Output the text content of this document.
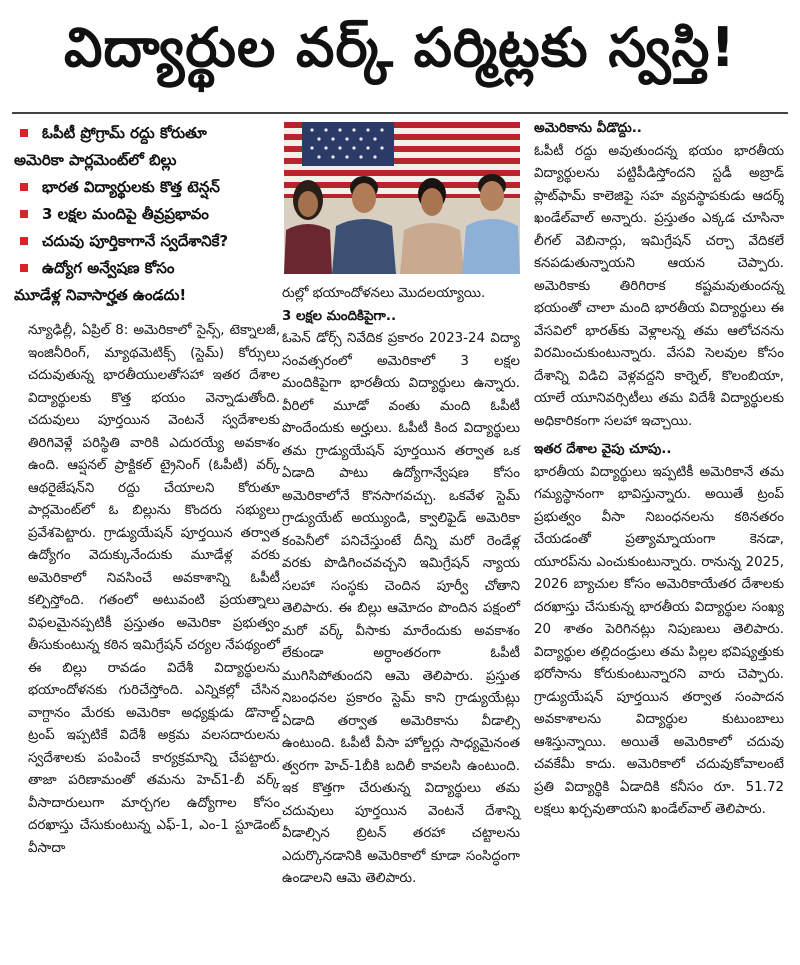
విద్యార్థుల వర్క్ పర్మిట్లకు స్వస్తి!
ఓపీటీ ప్రోగ్రామ్ రద్దు కోరుతూ
అమెరికా పార్లమెంట్‌లో బిల్లు
భారత విద్యార్థులకు కొత్త టెన్షన్
3 లక్షల మందిపై తీవ్రప్రభావం
చదువు పూర్తికాగానే స్వదేశానికే?
ఉద్యోగ అన్వేషణ కోసం
మూడేళ్ల నివాసార్హత ఉండదు!

న్యూఢిల్లీ, ఏప్రిల్ 8: అమెరికాలో సైన్స్, టెక్నాలజీ, ఇంజినీరింగ్, మ్యాథమెటిక్స్ (స్టెమ్) కోర్సులు చదువుతున్న భారతీయులతోసహా ఇతర దేశాల విద్యార్థులకు కొత్త భయం వెన్నాడుతోంది. చదువులు పూర్తయిన వెంటనే స్వదేశాలకు తిరిగివెళ్లే పరిస్థితి వారికి ఎదురయ్యే అవకాశం ఉంది. ఆప్షనల్ ప్రాక్టికల్ ట్రైనింగ్ (ఓపీటీ) వర్క్ ఆథరైజేషన్‌ని రద్దు చేయాలని కోరుతూ పార్లమెంట్‌లో ఓ బిల్లును కొందరు సభ్యులు ప్రవేశపెట్టారు. గ్రాడ్యుయేషన్ పూర్తయిన తర్వాత ఉద్యోగం వెదుక్కునేందుకు మూడేళ్ల వరకు అమెరికాలో నివసించే అవకాశాన్ని ఓపీటీ కల్పిస్తోంది. గతంలో అటువంటి ప్రయత్నాలు విఫలమైనప్పటికీ ప్రస్తుతం అమెరికా ప్రభుత్వం తీసుకుంటున్న కఠిన ఇమిగ్రేషన్ చర్యల నేపథ్యంలో ఈ బిల్లు రావడం విదేశీ విద్యార్థులను భయాందోళనకు గురిచేస్తోంది. ఎన్నికల్లో చేసిన వాగ్దానం మేరకు అమెరికా అధ్యక్షుడు డొనాల్డ్ ట్రంప్ ఇప్పటికే విదేశీ అక్రమ వలసదారులను స్వదేశాలకు పంపించే కార్యక్రమాన్ని చేపట్టారు. తాజా పరిణామంతో తమను హెచ్1-బీ వర్క్ వీసాదారులుగా మార్చగల ఉద్యోగాల కోసం దరఖాస్తు చేసుకుంటున్న ఎఫ్-1, ఎం-1 స్టూడెంట్ వీసాదా

రుల్లో భయాందోళనలు మొదలయ్యాయి.

3 లక్షల మందికిపైగా..

ఓపెన్ డోర్స్ నివేదిక ప్రకారం 2023-24 విద్యా సంవత్సరంలో అమెరికాలో 3 లక్షల మందికిపైగా భారతీయ విద్యార్థులు ఉన్నారు. వీరిలో మూడో వంతు మంది ఓపీటీ పొందేందుకు అర్హులు. ఓపీటీ కింద విద్యార్థులు తమ గ్రాడ్యుయేషన్ పూర్తయిన తర్వాత ఒక ఏడాది పాటు ఉద్యోగాన్వేషణ కోసం అమెరికాలోనే కొనసాగవచ్చు. ఒకవేళ స్టెమ్ గ్రాడ్యుయేట్ అయ్యుండి, క్వాలిఫైడ్ అమెరికా కంపెనీలో పనిచేస్తుంటే దీన్ని మరో రెండేళ్ల వరకు పొడిగించవచ్చని ఇమిగ్రేషన్ న్యాయ సలహా సంస్థకు చెందిన పూర్వీ చోతాని తెలిపారు. ఈ బిల్లు ఆమోదం పొందిన పక్షంలో మరో వర్క్ వీసాకు మారేందుకు అవకాశం లేకుండా అర్ధాంతరంగా ఓపీటీ ముగిసిపోతుందని ఆమె తెలిపారు. ప్రస్తుత నిబంధనల ప్రకారం స్టెమ్ కాని గ్రాడ్యుయేట్లు ఏడాది తర్వాత అమెరికాను వీడాల్సి ఉంటుంది. ఓపీటీ వీసా హోల్డర్లు సాధ్యమైనంత త్వరగా హెచ్-1బీకి బదిలీ కావలసి ఉంటుంది. ఇక కొత్తగా చేరుతున్న విద్యార్థులు తమ చదువులు పూర్తయిన వెంటనే దేశాన్ని వీడాల్సిన బ్రిటన్ తరహా చట్టాలను ఎదుర్కొనడానికి అమెరికాలో కూడా సంసిద్ధంగా ఉండాలని ఆమె తెలిపారు.

అమెరికాను వీడొద్దు..

ఓపీటీ రద్దు అవుతుందన్న భయం భారతీయ విద్యార్థులను పట్టిపీడిస్తోందని స్టడీ అబ్రాడ్ ప్లాట్‌ఫామ్ కాలెజిఫై సహ వ్యవస్థాపకుడు ఆదర్శ్ ఖండేల్‌వాల్ అన్నారు. ప్రస్తుతం ఎక్కడ చూసినా లీగల్ వెబినార్లు, ఇమిగ్రేషన్ చర్చా వేదికలే కనపడుతున్నాయని ఆయన చెప్పారు. అమెరికాకు తిరిగిరాక కష్టమవుతుందన్న భయంతో చాలా మంది భారతీయ విద్యార్థులు ఈ వేసవిలో భారత్‌కు వెళ్లాలన్న తమ ఆలోచనను విరమించుకుంటున్నారు. వేసవి సెలవుల కోసం దేశాన్ని విడిచి వెళ్లవద్దని కార్నెల్, కొలంబియా, యాలే యూనివర్సిటీలు తమ విదేశీ విద్యార్థులకు అధికారికంగా సలహా ఇచ్చాయి.

ఇతర దేశాల వైపు చూపు..

భారతీయ విద్యార్థులు ఇప్పటికీ అమెరికానే తమ గమ్యస్థానంగా భావిస్తున్నారు. అయితే ట్రంప్ ప్రభుత్వం వీసా నిబంధనలను కఠినతరం చేయడంతో ప్రత్యామ్నాయంగా కెనడా, యూరప్‌ను ఎంచుకుంటున్నారు. రానున్న 2025, 2026 బ్యాచుల కోసం అమెరికాయేతర దేశాలకు దరఖాస్తు చేసుకున్న భారతీయ విద్యార్థుల సంఖ్య 20 శాతం పెరిగినట్లు నిపుణులు తెలిపారు. విద్యార్థుల తల్లిదండ్రులు తమ పిల్లల భవిష్యత్తుకు భరోసాను కోరుకుంటున్నారని వారు చెప్పారు. గ్రాడ్యుయేషన్ పూర్తయిన తర్వాత సంపాదన అవకాశాలను విద్యార్థుల కుటుంబాలు ఆశిస్తున్నాయి. అయితే అమెరికాలో చదువు చవకేమీ కాదు. అమెరికాలో చదువుకోవాలంటే ప్రతి విద్యార్థికి ఏడాదికి కనీసం రూ. 51.72 లక్షలు ఖర్చవుతాయని ఖండేల్‌వాల్ తెలిపారు.
